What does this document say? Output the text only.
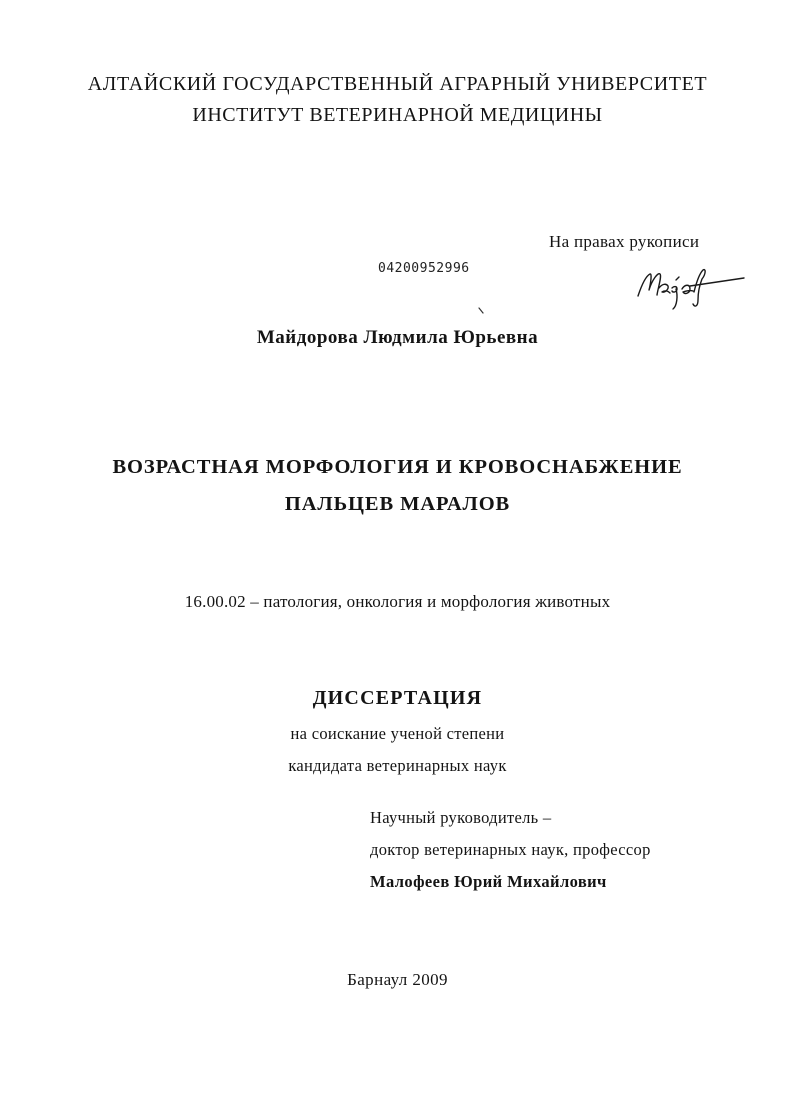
АЛТАЙСКИЙ ГОСУДАРСТВЕННЫЙ АГРАРНЫЙ УНИВЕРСИТЕТ
ИНСТИТУТ ВЕТЕРИНАРНОЙ МЕДИЦИНЫ
На правах рукописи
04200952996
Майдорова Людмила Юрьевна
ВОЗРАСТНАЯ МОРФОЛОГИЯ И КРОВОСНАБЖЕНИЕ
ПАЛЬЦЕВ МАРАЛОВ
16.00.02 – патология, онкология и морфология животных
ДИССЕРТАЦИЯ
на соискание ученой степени
кандидата ветеринарных наук
Научный руководитель –
доктор ветеринарных наук, профессор
Малофеев Юрий Михайлович
Барнаул 2009
